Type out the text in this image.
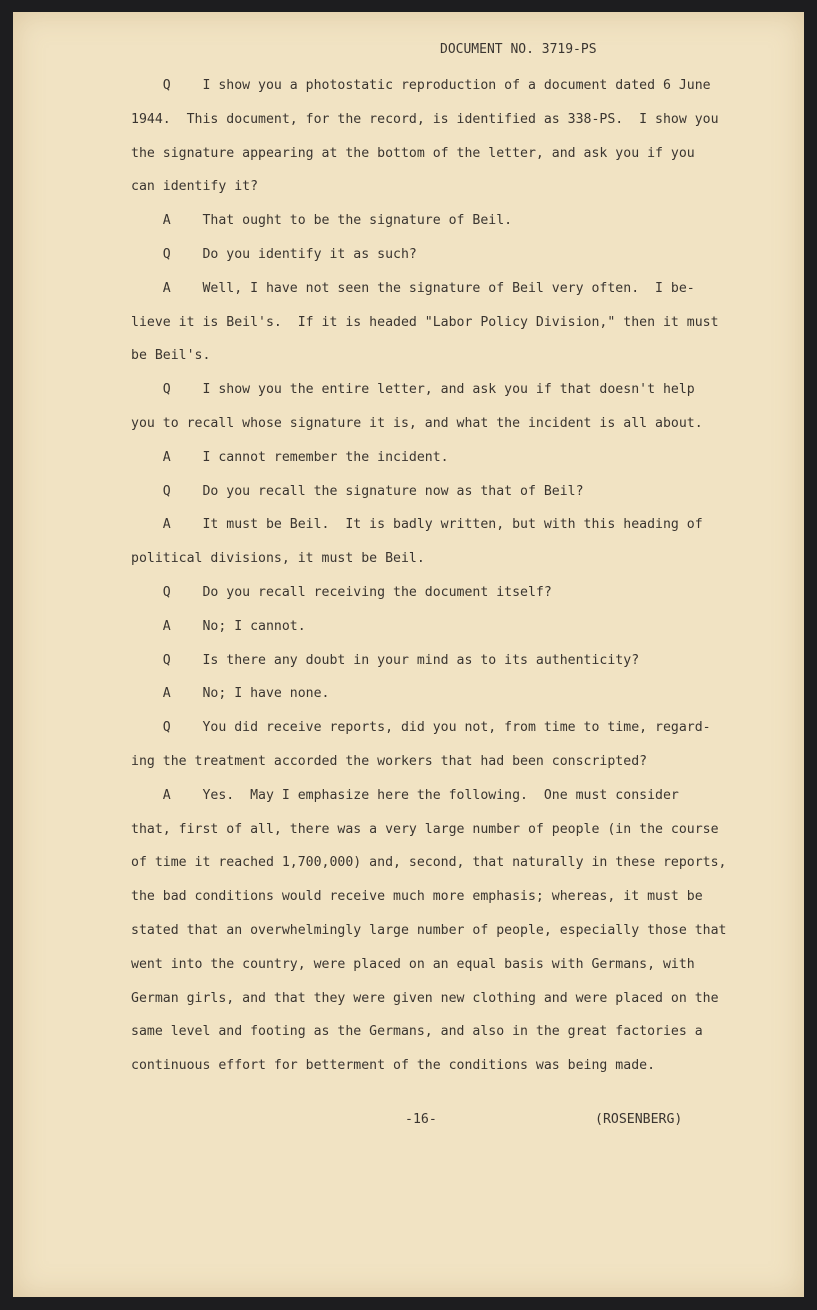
DOCUMENT NO. 3719-PS
Q    I show you a photostatic reproduction of a document dated 6 June
1944.  This document, for the record, is identified as 338-PS.  I show you
the signature appearing at the bottom of the letter, and ask you if you
can identify it?
A    That ought to be the signature of Beil.
Q    Do you identify it as such?
A    Well, I have not seen the signature of Beil very often.  I be-
lieve it is Beil's.  If it is headed "Labor Policy Division," then it must
be Beil's.
Q    I show you the entire letter, and ask you if that doesn't help
you to recall whose signature it is, and what the incident is all about.
A    I cannot remember the incident.
Q    Do you recall the signature now as that of Beil?
A    It must be Beil.  It is badly written, but with this heading of
political divisions, it must be Beil.
Q    Do you recall receiving the document itself?
A    No; I cannot.
Q    Is there any doubt in your mind as to its authenticity?
A    No; I have none.
Q    You did receive reports, did you not, from time to time, regard-
ing the treatment accorded the workers that had been conscripted?
A    Yes.  May I emphasize here the following.  One must consider
that, first of all, there was a very large number of people (in the course
of time it reached 1,700,000) and, second, that naturally in these reports,
the bad conditions would receive much more emphasis; whereas, it must be
stated that an overwhelmingly large number of people, especially those that
went into the country, were placed on an equal basis with Germans, with
German girls, and that they were given new clothing and were placed on the
same level and footing as the Germans, and also in the great factories a
continuous effort for betterment of the conditions was being made.
-16-	(ROSENBERG)
